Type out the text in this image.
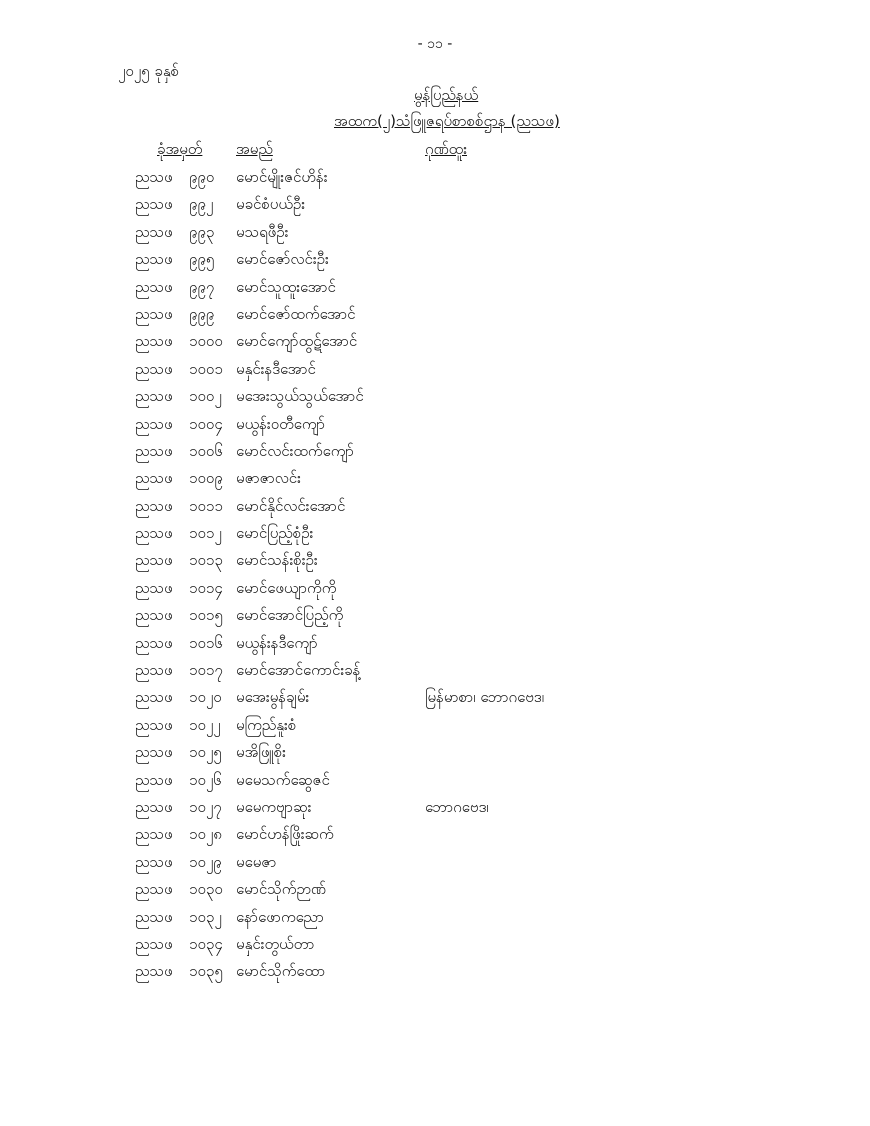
- ၁၁ -
၂၀၂၅ ခုနှစ်
မွန်ပြည်နယ်
အထက(၂)သံဖြူဇရပ်စာစစ်ဌာန (ညသဖ)
ခုံအမှတ် အမည်	ဂုဏ်ထူး
ညသဖ ၉၉၀ မောင်မျိုးဇင်ဟိန်း
ညသဖ ၉၉၂ မခင်စံပယ်ဦး
ညသဖ ၉၉၃ မသရဖီဦး
ညသဖ ၉၉၅ မောင်ဇော်လင်းဦး
ညသဖ ၉၉၇ မောင်သူထူးအောင်
ညသဖ ၉၉၉ မောင်ဇော်ထက်အောင်
ညသဖ ၁၀၀၀ မောင်ကျော်ထွဋ်အောင်
ညသဖ ၁၀၀၁ မနှင်းနဒီအောင်
ညသဖ ၁၀၀၂ မအေးသွယ်သွယ်အောင်
ညသဖ ၁၀၀၄ မယွန်းဝတီကျော်
ညသဖ ၁၀၀၆ မောင်လင်းထက်ကျော်
ညသဖ ၁၀၀၉ မဇာဇာလင်း
ညသဖ ၁၀၁၁ မောင်နိုင်လင်းအောင်
ညသဖ ၁၀၁၂ မောင်ပြည့်စုံဦး
ညသဖ ၁၀၁၃ မောင်သန်းစိုးဦး
ညသဖ ၁၀၁၄ မောင်ဖေယျာကိုကို
ညသဖ ၁၀၁၅ မောင်အောင်ပြည့်ကို
ညသဖ ၁၀၁၆ မယွန်းနဒီကျော်
ညသဖ ၁၀၁၇ မောင်အောင်ကောင်းခန့်
ညသဖ ၁၀၂၀ မအေးမွန်ချမ်း	မြန်မာစာ၊ ဘောဂဗေဒ၊
ညသဖ ၁၀၂၂ မကြည်နူးစံ
ညသဖ ၁၀၂၅ မအိဖြူစိုး
ညသဖ ၁၀၂၆ မမေသက်ဆွေဇင်
ညသဖ ၁၀၂၇ မမေကဗျာဆုး	ဘောဂဗေဒ၊
ညသဖ ၁၀၂၈ မောင်ဟန်ဖြိုးဆက်
ညသဖ ၁၀၂၉ မမေဇာ
ညသဖ ၁၀၃၀ မောင်သိုက်ဉာဏ်
ညသဖ ၁၀၃၂ နော်ဖောကညော
ညသဖ ၁၀၃၄ မနှင်းတွယ်တာ
ညသဖ ၁၀၃၅ မောင်သိုက်ထော
